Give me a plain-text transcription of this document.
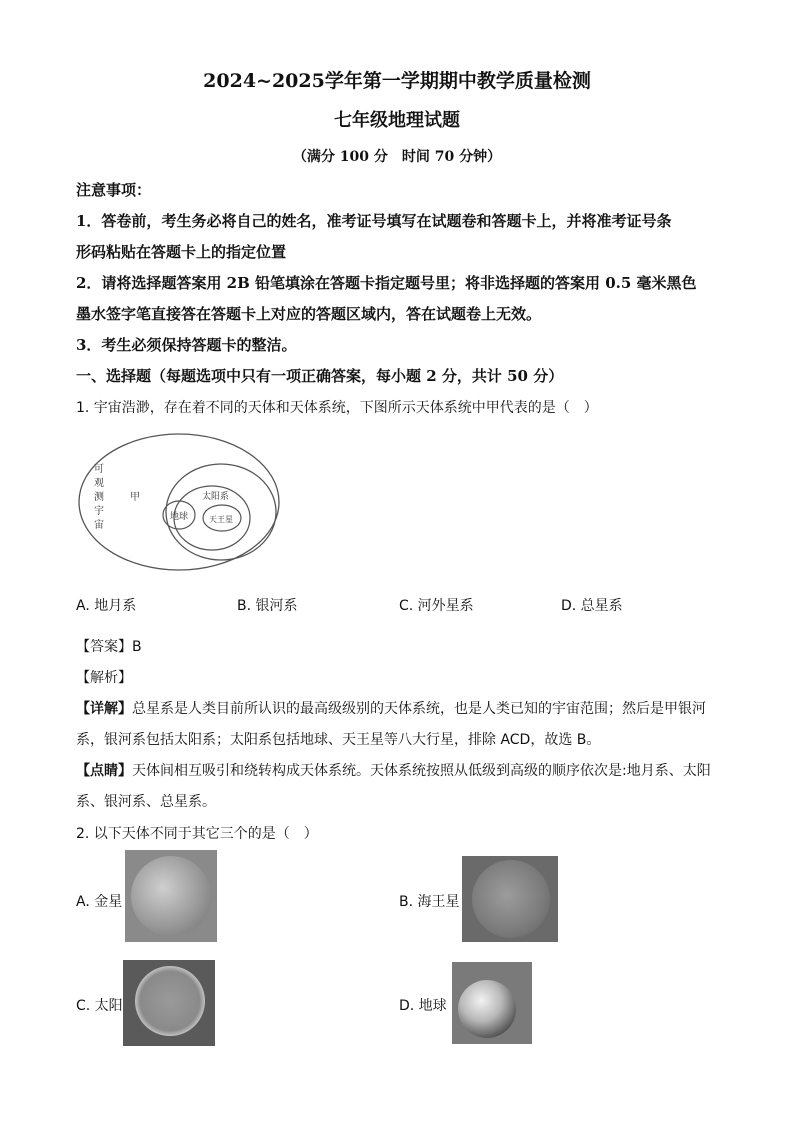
2024~2025学年第一学期期中教学质量检测
七年级地理试题
（满分 100 分　时间 70 分钟）
注意事项：
1．答卷前，考生务必将自己的姓名，准考证号填写在试题卷和答题卡上，并将准考证号条
形码粘贴在答题卡上的指定位置
2．请将选择题答案用 2B 铅笔填涂在答题卡指定题号里；将非选择题的答案用 0.5 毫米黑色
墨水签字笔直接答在答题卡上对应的答题区域内，答在试题卷上无效。
3．考生必须保持答题卡的整洁。
一、选择题（每题选项中只有一项正确答案，每小题 2 分，共计 50 分）
1. 宇宙浩渺，存在着不同的天体和天体系统，下图所示天体系统中甲代表的是（　）
可
观
测
宇
宙
甲	太阳系
地球	天王星
A. 地月系	B. 银河系	C. 河外星系	D. 总星系
【答案】B
【解析】
【详解】总星系是人类目前所认识的最高级级别的天体系统，也是人类已知的宇宙范围；然后是甲银河
系，银河系包括太阳系；太阳系包括地球、天王星等八大行星，排除 ACD，故选 B。
【点睛】天体间相互吸引和绕转构成天体系统。天体系统按照从低级到高级的顺序依次是:地月系、太阳
系、银河系、总星系。
2. 以下天体不同于其它三个的是（　）
A. 金星	B. 海王星
C. 太阳	D. 地球
